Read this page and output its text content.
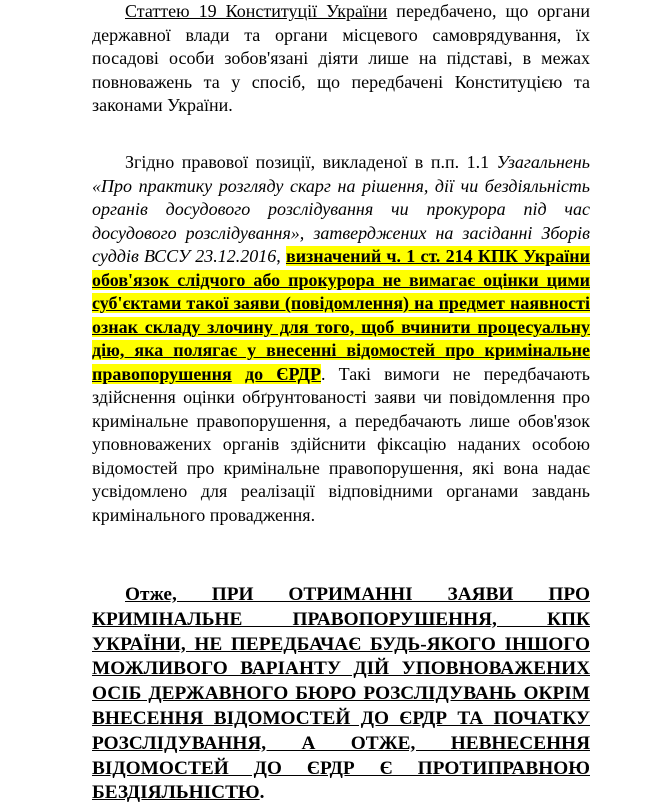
Статтею 19 Конституції України передбачено, що органи державної влади та органи місцевого самоврядування, їх посадові особи зобов'язані діяти лише на підставі, в межах повноважень та у спосіб, що передбачені Конституцією та законами України.

Згідно правової позиції, викладеної в п.п. 1.1 Узагальнень «Про практику розгляду скарг на рішення, дії чи бездіяльність органів досудового розслідування чи прокурора під час досудового розслідування», затверджених на засіданні Зборів суддів ВССУ 23.12.2016, визначений ч. 1 ст. 214 КПК України обов'язок слідчого або прокурора не вимагає оцінки цими суб'єктами такої заяви (повідомлення) на предмет наявності ознак складу злочину для того, щоб вчинити процесуальну дію, яка полягає у внесенні відомостей про кримінальне правопорушення до ЄРДР. Такі вимоги не передбачають здійснення оцінки обґрунтованості заяви чи повідомлення про кримінальне правопорушення, а передбачають лише обов'язок уповноважених органів здійснити фіксацію наданих особою відомостей про кримінальне правопорушення, які вона надає усвідомлено для реалізації відповідними органами завдань кримінального провадження.

Отже, ПРИ ОТРИМАННІ ЗАЯВИ ПРО КРИМІНАЛЬНЕ ПРАВОПОРУШЕННЯ, КПК УКРАЇНИ, НЕ ПЕРЕДБАЧАЄ БУДЬ-ЯКОГО ІНШОГО МОЖЛИВОГО ВАРІАНТУ ДІЙ УПОВНОВАЖЕНИХ ОСІБ ДЕРЖАВНОГО БЮРО РОЗСЛІДУВАНЬ ОКРІМ ВНЕСЕННЯ ВІДОМОСТЕЙ ДО ЄРДР ТА ПОЧАТКУ РОЗСЛІДУВАННЯ, А ОТЖЕ, НЕВНЕСЕННЯ ВІДОМОСТЕЙ ДО ЄРДР Є ПРОТИПРАВНОЮ БЕЗДІЯЛЬНІСТЮ.
